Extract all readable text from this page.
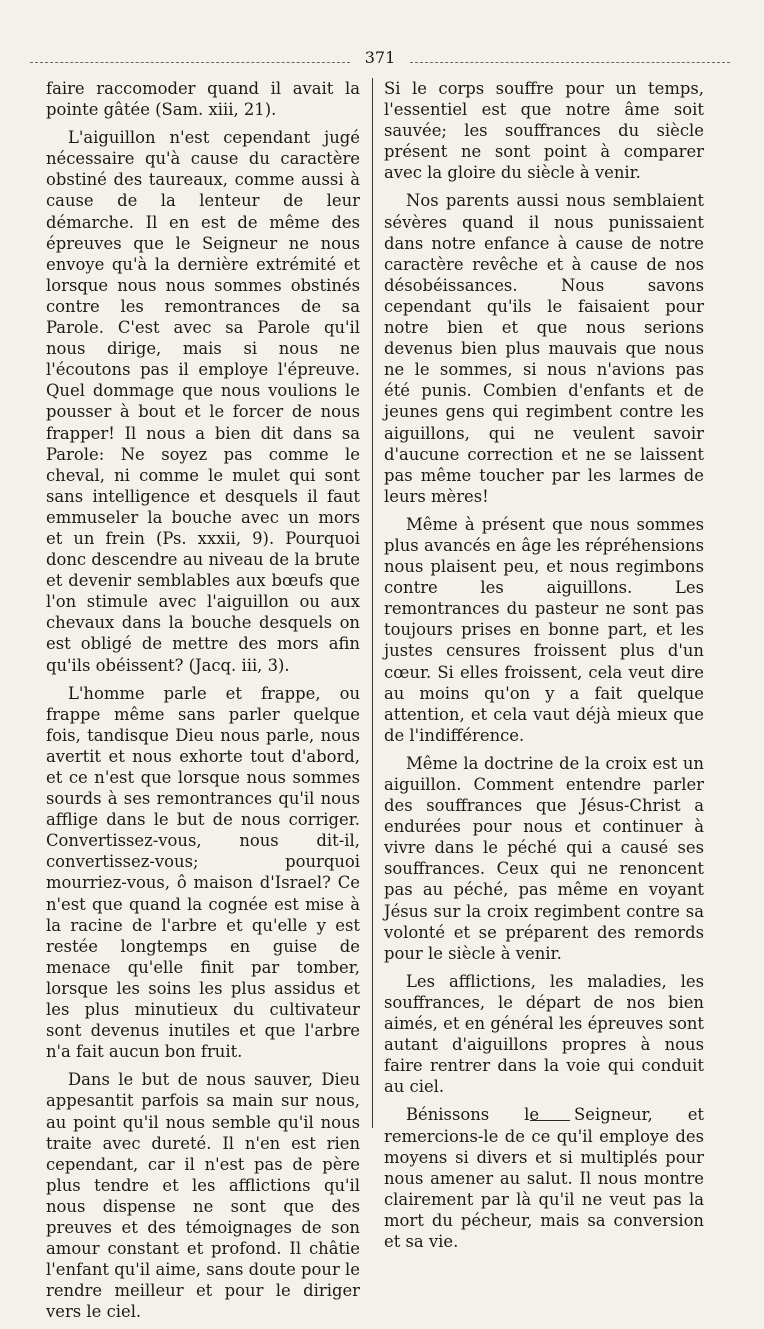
371

faire raccomoder quand il avait la pointe gâtée (Sam. xiii, 21).

L'aiguillon n'est cependant jugé nécessaire qu'à cause du caractère obstiné des taureaux, comme aussi à cause de la lenteur de leur démarche. Il en est de même des épreuves que le Seigneur ne nous envoye qu'à la dernière extrémité et lorsque nous nous sommes obstinés contre les remontrances de sa Parole. C'est avec sa Parole qu'il nous dirige, mais si nous ne l'écoutons pas il employe l'épreuve. Quel dommage que nous voulions le pousser à bout et le forcer de nous frapper! Il nous a bien dit dans sa Parole: Ne soyez pas comme le cheval, ni comme le mulet qui sont sans intelligence et desquels il faut emmuseler la bouche avec un mors et un frein (Ps. xxxii, 9). Pourquoi donc descendre au niveau de la brute et devenir semblables aux bœufs que l'on stimule avec l'aiguillon ou aux chevaux dans la bouche desquels on est obligé de mettre des mors afin qu'ils obéissent? (Jacq. iii, 3).

L'homme parle et frappe, ou frappe même sans parler quelque fois, tandisque Dieu nous parle, nous avertit et nous exhorte tout d'abord, et ce n'est que lorsque nous sommes sourds à ses remontrances qu'il nous afflige dans le but de nous corriger. Convertissez-vous, nous dit-il, convertissez-vous; pourquoi mourriez-vous, ô maison d'Israel? Ce n'est que quand la cognée est mise à la racine de l'arbre et qu'elle y est restée longtemps en guise de menace qu'elle finit par tomber, lorsque les soins les plus assidus et les plus minutieux du cultivateur sont devenus inutiles et que l'arbre n'a fait aucun bon fruit.

Dans le but de nous sauver, Dieu appesantit parfois sa main sur nous, au point qu'il nous semble qu'il nous traite avec dureté. Il n'en est rien cependant, car il n'est pas de père plus tendre et les afflictions qu'il nous dispense ne sont que des preuves et des témoignages de son amour constant et profond. Il châtie l'enfant qu'il aime, sans doute pour le rendre meilleur et pour le diriger vers le ciel.

Si le corps souffre pour un temps, l'essentiel est que notre âme soit sauvée; les souffrances du siècle présent ne sont point à comparer avec la gloire du siècle à venir.

Nos parents aussi nous semblaient sévères quand il nous punissaient dans notre enfance à cause de notre caractère revêche et à cause de nos désobéissances. Nous savons cependant qu'ils le faisaient pour notre bien et que nous serions devenus bien plus mauvais que nous ne le sommes, si nous n'avions pas été punis. Combien d'enfants et de jeunes gens qui regimbent contre les aiguillons, qui ne veulent savoir d'aucune correction et ne se laissent pas même toucher par les larmes de leurs mères!

Même à présent que nous sommes plus avancés en âge les répréhensions nous plaisent peu, et nous regimbons contre les aiguillons. Les remontrances du pasteur ne sont pas toujours prises en bonne part, et les justes censures froissent plus d'un cœur. Si elles froissent, cela veut dire au moins qu'on y a fait quelque attention, et cela vaut déjà mieux que de l'indifférence.

Même la doctrine de la croix est un aiguillon. Comment entendre parler des souffrances que Jésus-Christ a endurées pour nous et continuer à vivre dans le péché qui a causé ses souffrances. Ceux qui ne renoncent pas au péché, pas même en voyant Jésus sur la croix regimbent contre sa volonté et se préparent des remords pour le siècle à venir.

Les afflictions, les maladies, les souffrances, le départ de nos bien aimés, et en général les épreuves sont autant d'aiguillons propres à nous faire rentrer dans la voie qui conduit au ciel.

Bénissons le Seigneur, et remercions-le de ce qu'il employe des moyens si divers et si multiplés pour nous amener au salut. Il nous montre clairement par là qu'il ne veut pas la mort du pécheur, mais sa conversion et sa vie.
